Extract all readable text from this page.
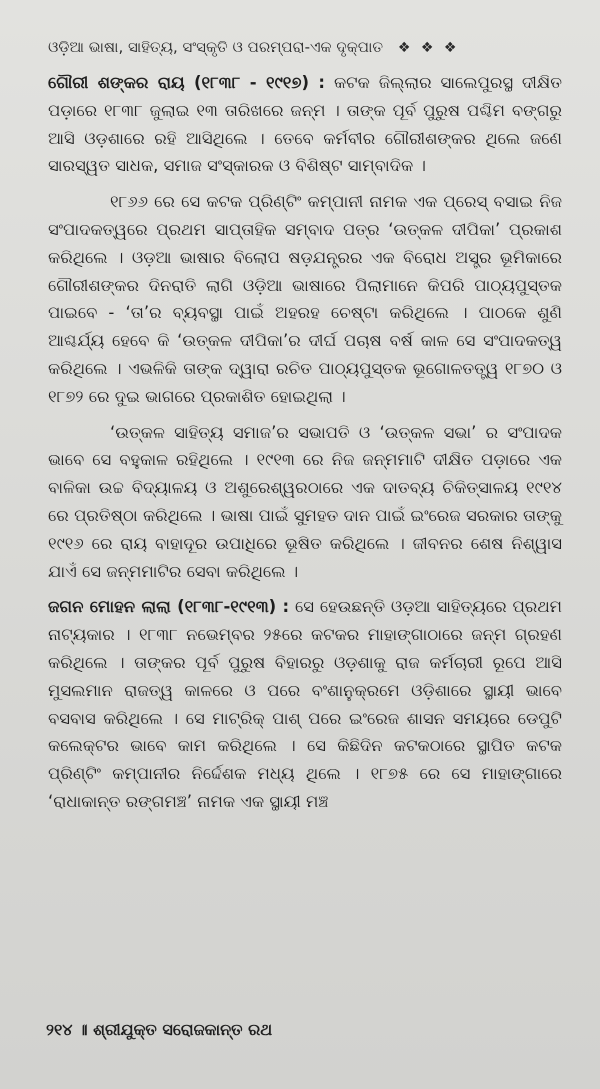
ଓଡ଼ିଆ ଭାଷା, ସାହିତ୍ୟ, ସଂସ୍କୃତି ଓ ପରମ୍ପରା-ଏକ ଦୃକ୍‌ପାତ ❖ ❖ ❖

ଗୌରୀ ଶଙ୍କର ରାୟ (୧୮୩୮ - ୧୯୧୭) : କଟକ ଜିଲ୍ଲାର ସାଲେପୁରସ୍ଥ ଦୀକ୍ଷିତ ପଡ଼ାରେ ୧୮୩୮ ଜୁଲାଇ ୧୩ ତାରିଖରେ ଜନ୍ମ । ତାଙ୍କ ପୂର୍ବ ପୁରୁଷ ପଶ୍ଚିମ ବଙ୍ଗରୁ ଆସି ଓଡ଼ଶାରେ ରହି ଆସିଥିଲେ । ତେବେ କର୍ମବୀର ଗୌରୀଶଙ୍କର ଥିଲେ ଜଣେ ସାରସ୍ୱତ ସାଧକ, ସମାଜ ସଂସ୍କାରକ ଓ ବିଶିଷ୍ଟ ସାମ୍ବାଦିକ ।

୧୮୬୬ ରେ ସେ କଟକ ପ୍ରିଣ୍ଟିଂ କମ୍ପାନୀ ନାମକ ଏକ ପ୍ରେସ୍ ବସାଇ ନିଜ ସଂପାଦକତ୍ୱରେ ପ୍ରଥମ ସାପ୍ତାହିକ ସମ୍ବାଦ ପତ୍ର ‘ଉତ୍କଳ ଦୀପିକା’ ପ୍ରକାଶ କରିଥିଲେ । ଓଡ଼ଆ ଭାଷାର ବିଲୋପ ଷଡ଼ଯନ୍ତ୍ରର ଏକ ବିରୋଧ ଅସ୍ତ୍ର ଭୂମିକାରେ ଗୌରୀଶଙ୍କର ଦିନରାତି ଲାଗି ଓଡ଼ିଆ ଭାଷାରେ ପିଲାମାନେ କିପରି ପାଠ୍ୟପୁସ୍ତକ ପାଇବେ - ‘ତା’ର ବ୍ୟବସ୍ଥା ପାଇଁ ଅହରହ ଚେଷ୍ଟା କରିଥିଲେ । ପାଠକେ ଶୁଣି ଆଶ୍ଚର୍ଯ୍ୟ ହେବେ କି ‘ଉତ୍କଳ ଦୀପିକା’ର ଦୀର୍ଘ ପଚାଷ ବର୍ଷ କାଳ ସେ ସଂପାଦକତ୍ୱ କରିଥିଲେ । ଏଭଳିକି ତାଙ୍କ ଦ୍ୱାରା ରଚିତ ପାଠ୍ୟପୁସ୍ତକ ଭୂଗୋଳତତ୍ତ୍ୱ ୧୮୭୦ ଓ ୧୮୭୨ ରେ ଦୁଇ ଭାଗରେ ପ୍ରକାଶିତ ହୋଇଥିଲା ।

‘ଉତ୍କଳ ସାହିତ୍ୟ ସମାଜ’ର ସଭାପତି ଓ ‘ଉତ୍କଳ ସଭା’ ର ସଂପାଦକ ଭାବେ ସେ ବହୁକାଳ ରହିଥିଲେ । ୧୯୧୩ ରେ ନିଜ ଜନ୍ମମାଟି ଦୀକ୍ଷିତ ପଡ଼ାରେ ଏକ ବାଳିକା ଉଚ୍ଚ ବିଦ୍ୟାଳୟ ଓ ଅଶୁରେଶ୍ୱରଠାରେ ଏକ ଦାତବ୍ୟ ଚିକିତ୍ସାଳୟ ୧୯୧୪ ରେ ପ୍ରତିଷ୍ଠା କରିଥିଲେ । ଭାଷା ପାଇଁ ସୁମହତ ଦାନ ପାଇଁ ଇଂରେଜ ସରକାର ତାଙ୍କୁ ୧୯୧୬ ରେ ରାୟ ବାହାଦୂର ଉପାଧିରେ ଭୂଷିତ କରିଥିଲେ । ଜୀବନର ଶେଷ ନିଶ୍ୱାସ ଯାଏଁ ସେ ଜନ୍ମମାଟିର ସେବା କରିଥିଲେ ।

ଜଗନ ମୋହନ ଲାଲା (୧୮୩୮-୧୯୧୩) : ସେ ହେଉଛନ୍ତି ଓଡ଼ଆ ସାହିତ୍ୟରେ ପ୍ରଥମ ନାଟ୍ୟକାର । ୧୮୩୮ ନଭେମ୍ବର ୨୫ରେ କଟକର ମାହାଙ୍ଗାଠାରେ ଜନ୍ମ ଗ୍ରହଣ କରିଥିଲେ । ତାଙ୍କର ପୂର୍ବ ପୁରୁଷ ବିହାରରୁ ଓଡ଼ଶାକୁ ରାଜ କର୍ମଚାରୀ ରୂପେ ଆସି ମୁସଲମାନ ରାଜତ୍ୱ କାଳରେ ଓ ପରେ ବଂଶାନୁକ୍ରମେ ଓଡ଼ିଶାରେ ସ୍ଥାୟୀ ଭାବେ ବସବାସ କରିଥିଲେ । ସେ ମାଟ୍ରିକ୍ ପାଶ୍ ପରେ ଇଂରେଜ ଶାସନ ସମୟରେ ଡେପୁଟି କଲେକ୍ଟର ଭାବେ କାମ କରିଥିଲେ । ସେ କିଛିଦିନ କଟକଠାରେ ସ୍ଥାପିତ କଟକ ପ୍ରିଣ୍ଟିଂ କମ୍ପାନୀର ନିର୍ଦ୍ଦେଶକ ମଧ୍ୟ ଥିଲେ । ୧୮୭୫ ରେ ସେ ମାହାଙ୍ଗାରେ ‘ରାଧାକାନ୍ତ ରଙ୍ଗମଞ୍ଚ’ ନାମକ ଏକ ସ୍ଥାୟୀ ମଞ୍ଚ

୨୧୪ ॥ ଶ୍ରୀଯୁକ୍ତ ସରୋଜକାନ୍ତ ରଥ
